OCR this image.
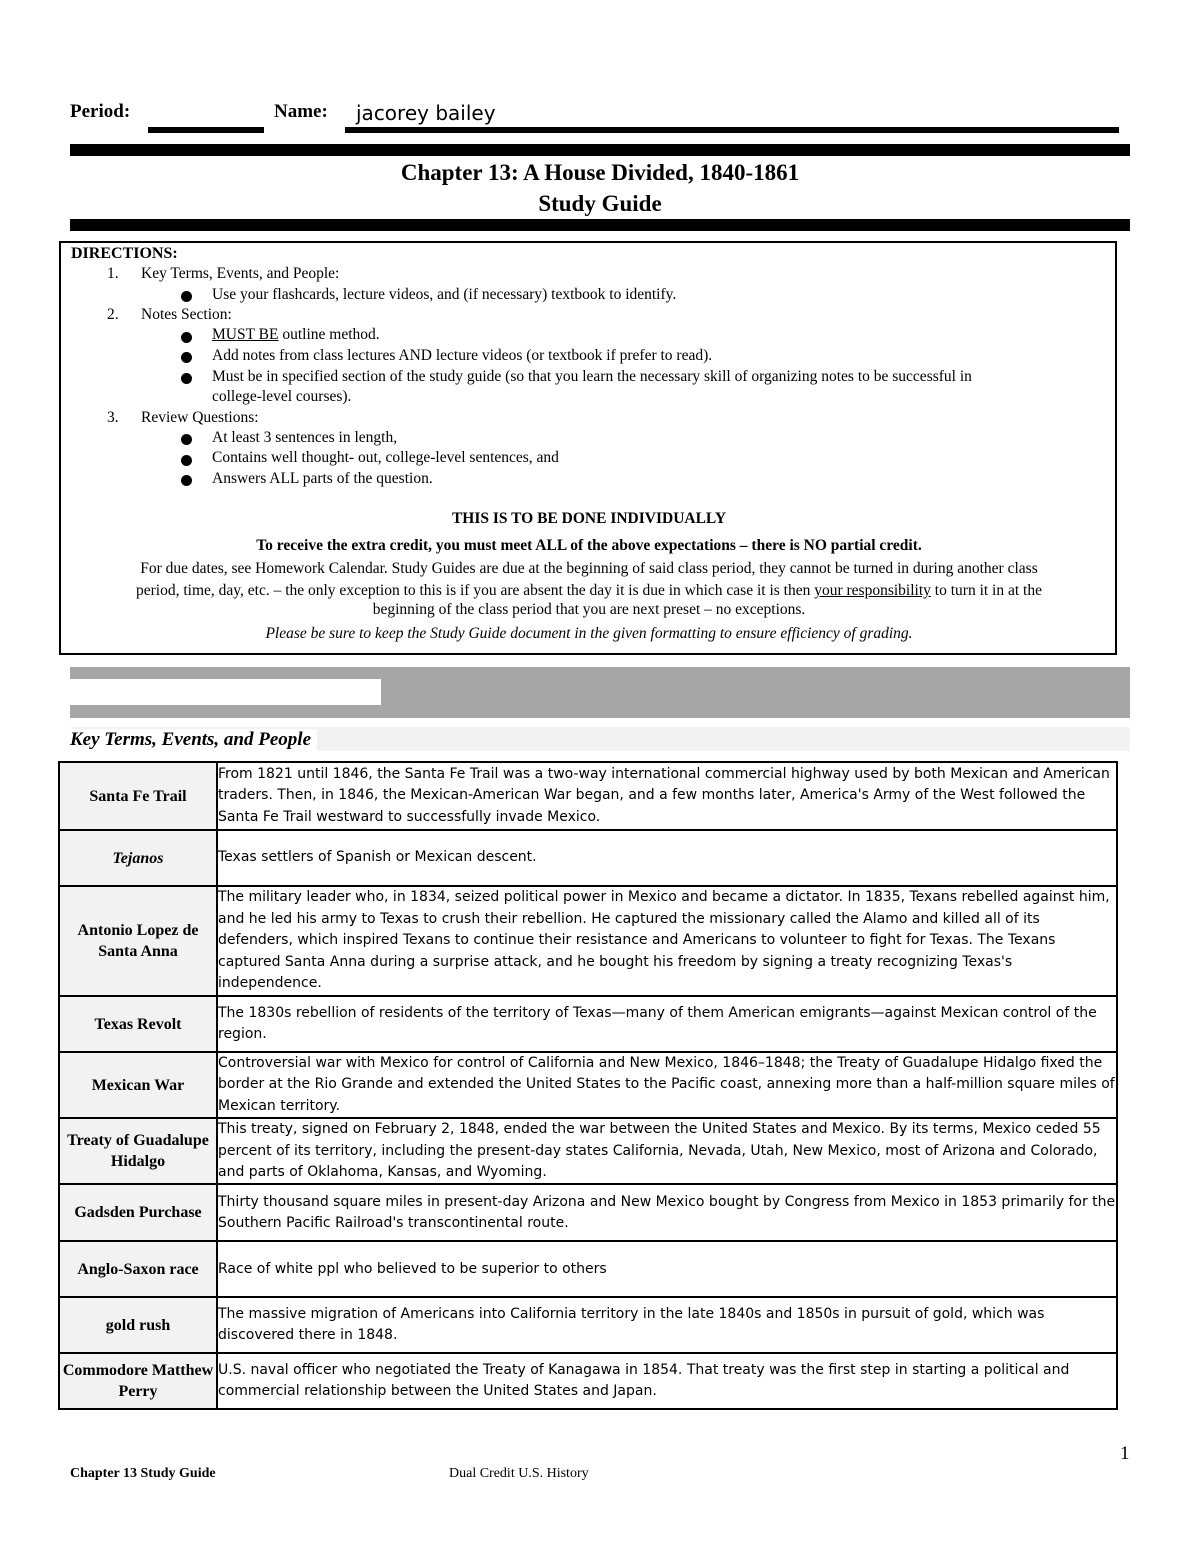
Period:	Name: jacorey bailey
Chapter 13: A House Divided, 1840-1861
Study Guide
DIRECTIONS:
1. Key Terms, Events, and People:
Use your flashcards, lecture videos, and (if necessary) textbook to identify.
2. Notes Section:
MUST BE outline method.
Add notes from class lectures AND lecture videos (or textbook if prefer to read).
Must be in specified section of the study guide (so that you learn the necessary skill of organizing notes to be successful in
college-level courses).
3. Review Questions:
At least 3 sentences in length,
Contains well thought- out, college-level sentences, and
Answers ALL parts of the question.
THIS IS TO BE DONE INDIVIDUALLY
To receive the extra credit, you must meet ALL of the above expectations – there is NO partial credit.
For due dates, see Homework Calendar. Study Guides are due at the beginning of said class period, they cannot be turned in during another class
period, time, day, etc. – the only exception to this is if you are absent the day it is due in which case it is then your responsibility to turn it in at the
beginning of the class period that you are next preset – no exceptions.
Please be sure to keep the Study Guide document in the given formatting to ensure efficiency of grading.
Key Terms, Events, and People
Santa Fe Trail	From 1821 until 1846, the Santa Fe Trail was a two-way international commercial highway used by both Mexican and American traders. Then, in 1846, the Mexican-American War began, and a few months later, America's Army of the West followed the Santa Fe Trail westward to successfully invade Mexico.
Tejanos	Texas settlers of Spanish or Mexican descent.
Antonio Lopez de Santa Anna	The military leader who, in 1834, seized political power in Mexico and became a dictator. In 1835, Texans rebelled against him, and he led his army to Texas to crush their rebellion. He captured the missionary called the Alamo and killed all of its defenders, which inspired Texans to continue their resistance and Americans to volunteer to fight for Texas. The Texans captured Santa Anna during a surprise attack, and he bought his freedom by signing a treaty recognizing Texas's independence.
Texas Revolt	The 1830s rebellion of residents of the territory of Texas—many of them American emigrants—against Mexican control of the region.
Mexican War	Controversial war with Mexico for control of California and New Mexico, 1846–1848; the Treaty of Guadalupe Hidalgo fixed the border at the Rio Grande and extended the United States to the Pacific coast, annexing more than a half-million square miles of Mexican territory.
Treaty of Guadalupe Hidalgo	This treaty, signed on February 2, 1848, ended the war between the United States and Mexico. By its terms, Mexico ceded 55 percent of its territory, including the present-day states California, Nevada, Utah, New Mexico, most of Arizona and Colorado, and parts of Oklahoma, Kansas, and Wyoming.
Gadsden Purchase	Thirty thousand square miles in present-day Arizona and New Mexico bought by Congress from Mexico in 1853 primarily for the Southern Pacific Railroad's transcontinental route.
Anglo-Saxon race	Race of white ppl who believed to be superior to others
gold rush	The massive migration of Americans into California territory in the late 1840s and 1850s in pursuit of gold, which was discovered there in 1848.
Commodore Matthew Perry	U.S. naval officer who negotiated the Treaty of Kanagawa in 1854. That treaty was the first step in starting a political and commercial relationship between the United States and Japan.
1
Chapter 13 Study Guide	Dual Credit U.S. History
